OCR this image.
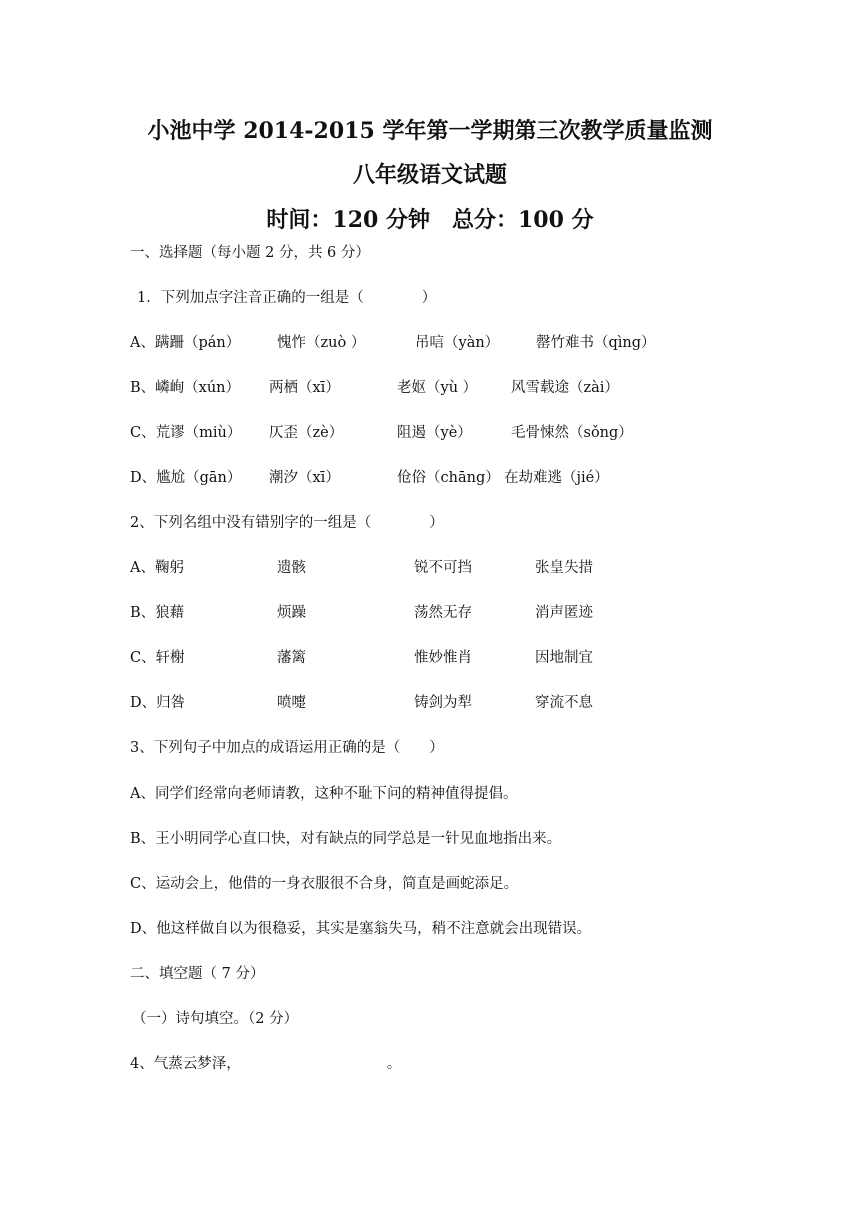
小池中学 2014-2015 学年第一学期第三次教学质量监测
八年级语文试题
时间：120 分钟 总分：100 分
一、选择题（每小题 2 分，共 6 分）
1．下列加点字注音正确的一组是（　　　　）
A、蹒跚（pán）	愧怍（zuò ）	吊唁（yàn）	罄竹难书（qìng）
B、嶙峋（xún） 两栖（xī）	老妪（yù ） 风雪载途（zài）
C、荒谬（miù） 仄歪（zè）	阻遏（yè）	毛骨悚然（sǒng）
D、尴尬（gān） 潮汐（xī）	伧俗（chāng） 在劫难逃（jié）
2、下列名组中没有错别字的一组是（　　　　）
A、鞠躬	遗骸	锐不可挡	张皇失措
B、狼藉	烦躁	荡然无存	消声匿迹
C、轩榭	藩篱	惟妙惟肖	因地制宜
D、归咎	喷嚏	铸剑为犁	穿流不息
3、下列句子中加点的成语运用正确的是（　　）
A、同学们经常向老师请教，这种不耻下问的精神值得提倡。
B、王小明同学心直口快，对有缺点的同学总是一针见血地指出来。
C、运动会上，他借的一身衣服很不合身，简直是画蛇添足。
D、他这样做自以为很稳妥，其实是塞翁失马，稍不注意就会出现错误。
二、填空题（ 7 分）
（一）诗句填空。（2 分）
4、气蒸云梦泽，	。
